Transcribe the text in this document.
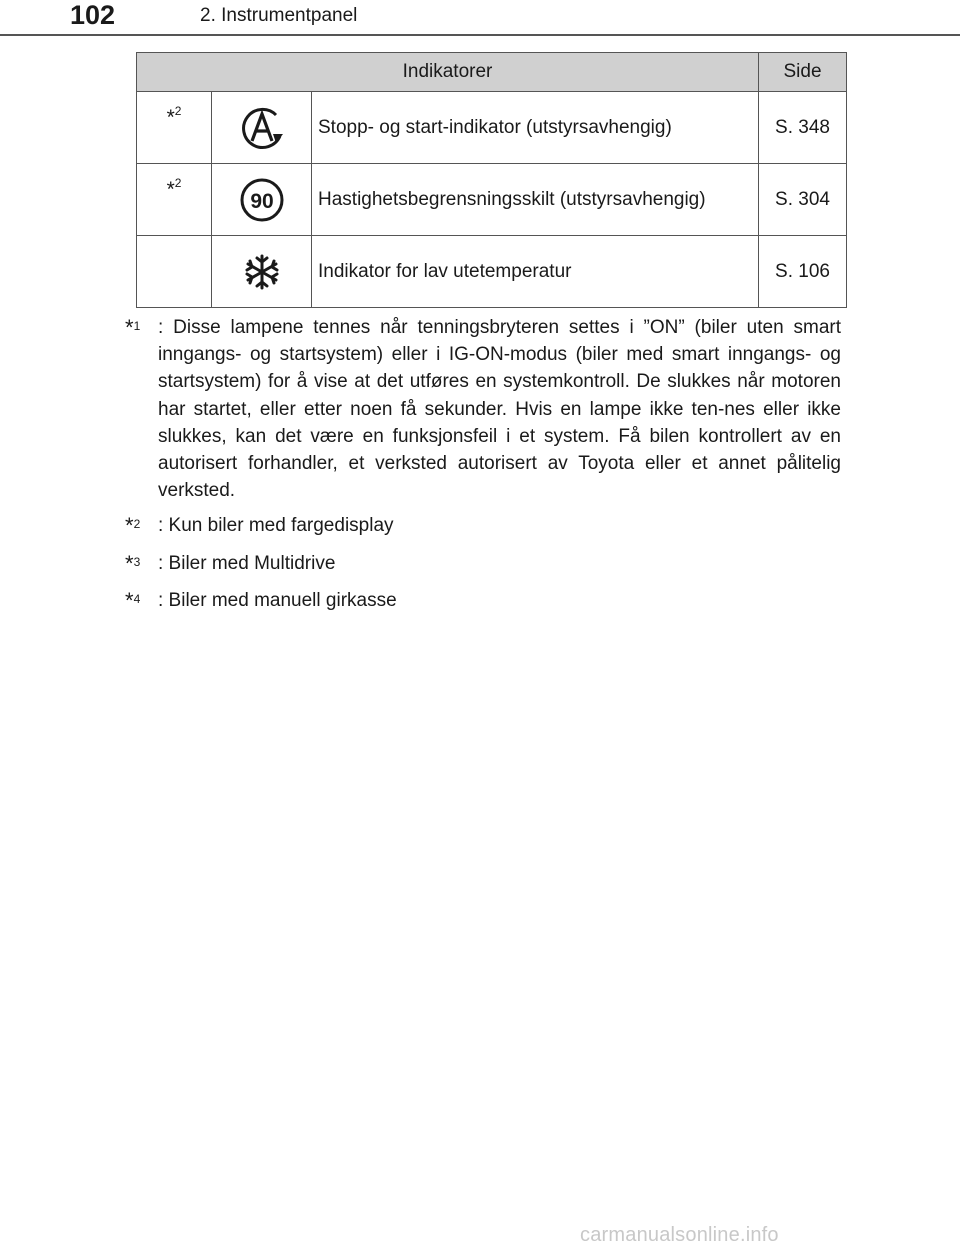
102	2. Instrumentpanel
Indikatorer			Side
*$^2$		Stopp- og start-indikator (utstyrsavhengig)	S. 348
*$^2$	90	Hastighetsbegrensningsskilt (utstyrsavhengig)	S. 304
		Indikator for lav utetemperatur	S. 106
*$^1$ : Disse lampene tennes når tenningsbryteren settes i ”ON” (biler uten smart inngangs- og startsystem) eller i IG-ON-modus (biler med smart inngangs- og startsystem) for å vise at det utføres en systemkontroll. De slukkes når motoren har startet, eller etter noen få sekunder. Hvis en lampe ikke ten-nes eller ikke slukkes, kan det være en funksjonsfeil i et system. Få bilen kontrollert av en autorisert forhandler, et verksted autorisert av Toyota eller et annet pålitelig verksted.
*$^2$ : Kun biler med fargedisplay
*$^3$ : Biler med Multidrive
*$^4$ : Biler med manuell girkasse
carmanualsonline.info
